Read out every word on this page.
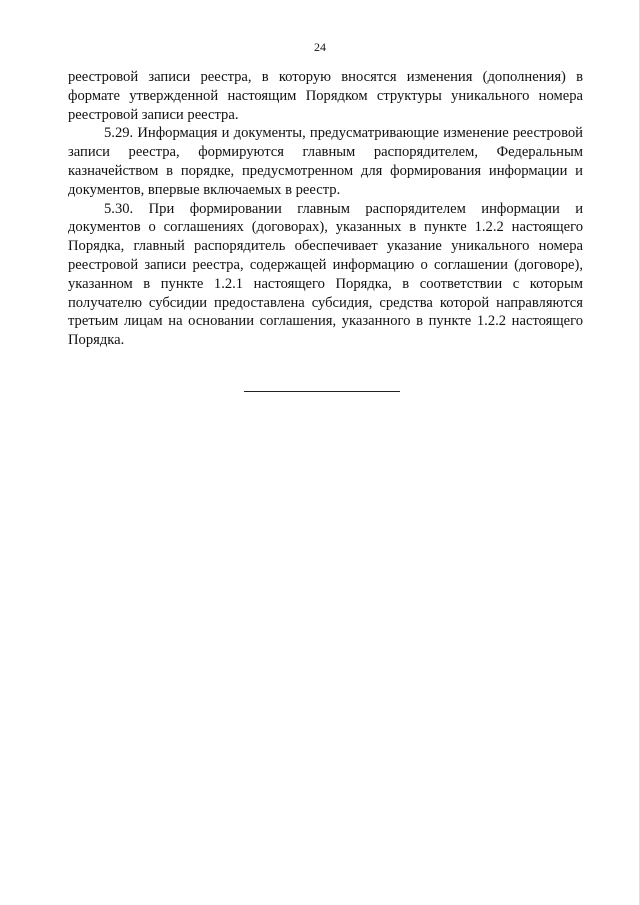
24

реестровой записи реестра, в которую вносятся изменения (дополнения) в формате утвержденной настоящим Порядком структуры уникального номера реестровой записи реестра.

5.29. Информация и документы, предусматривающие изменение реестровой записи реестра, формируются главным распорядителем, Федеральным казначейством в порядке, предусмотренном для формирования информации и документов, впервые включаемых в реестр.

5.30. При формировании главным распорядителем информации и документов о соглашениях (договорах), указанных в пункте 1.2.2 настоящего Порядка, главный распорядитель обеспечивает указание уникального номера реестровой записи реестра, содержащей информацию о соглашении (договоре), указанном в пункте 1.2.1 настоящего Порядка, в соответствии с которым получателю субсидии предоставлена субсидия, средства которой направляются третьим лицам на основании соглашения, указанного в пункте 1.2.2 настоящего Порядка.
